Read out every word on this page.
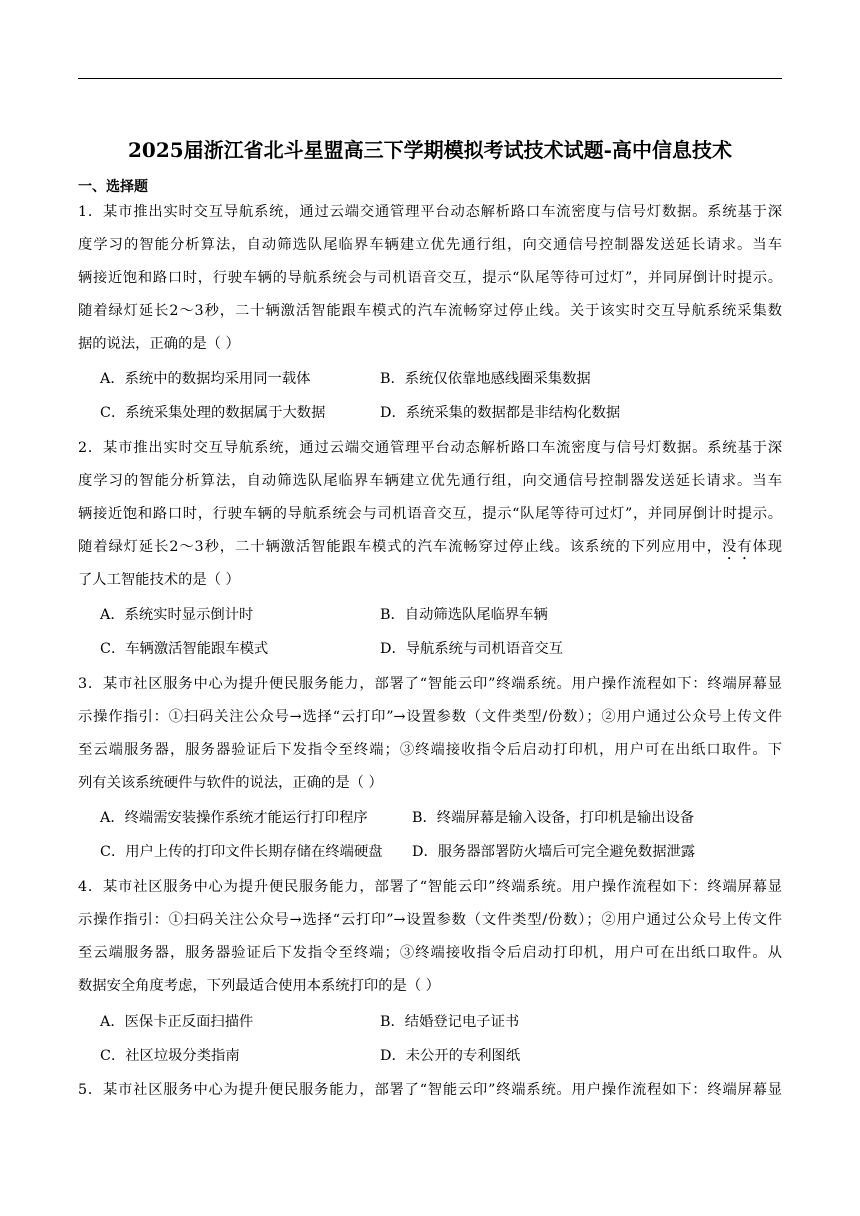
2025届浙江省北斗星盟高三下学期模拟考试技术试题-高中信息技术
一、选择题
1．某市推出实时交互导航系统，通过云端交通管理平台动态解析路口车流密度与信号灯数据。系统基于深
度学习的智能分析算法，自动筛选队尾临界车辆建立优先通行组，向交通信号控制器发送延长请求。当车
辆接近饱和路口时，行驶车辆的导航系统会与司机语音交互，提示“队尾等待可过灯”，并同屏倒计时提示。
随着绿灯延长2～3秒，二十辆激活智能跟车模式的汽车流畅穿过停止线。关于该实时交互导航系统采集数
据的说法，正确的是（ ）
A．系统中的数据均采用同一载体	B．系统仅依靠地感线圈采集数据
C．系统采集处理的数据属于大数据	D．系统采集的数据都是非结构化数据
2．某市推出实时交互导航系统，通过云端交通管理平台动态解析路口车流密度与信号灯数据。系统基于深
度学习的智能分析算法，自动筛选队尾临界车辆建立优先通行组，向交通信号控制器发送延长请求。当车
辆接近饱和路口时，行驶车辆的导航系统会与司机语音交互，提示“队尾等待可过灯”，并同屏倒计时提示。
随着绿灯延长2～3秒，二十辆激活智能跟车模式的汽车流畅穿过停止线。该系统的下列应用中，没有体现
了人工智能技术的是（ ）
A．系统实时显示倒计时	B．自动筛选队尾临界车辆
C．车辆激活智能跟车模式	D．导航系统与司机语音交互
3．某市社区服务中心为提升便民服务能力，部署了“智能云印”终端系统。用户操作流程如下：终端屏幕显
示操作指引：①扫码关注公众号→选择“云打印”→设置参数（文件类型/份数）；②用户通过公众号上传文件
至云端服务器，服务器验证后下发指令至终端；③终端接收指令后启动打印机，用户可在出纸口取件。下
列有关该系统硬件与软件的说法，正确的是（ ）
A．终端需安装操作系统才能运行打印程序	B．终端屏幕是输入设备，打印机是输出设备
C．用户上传的打印文件长期存储在终端硬盘 D．服务器部署防火墙后可完全避免数据泄露
4．某市社区服务中心为提升便民服务能力，部署了“智能云印”终端系统。用户操作流程如下：终端屏幕显
示操作指引：①扫码关注公众号→选择“云打印”→设置参数（文件类型/份数）；②用户通过公众号上传文件
至云端服务器，服务器验证后下发指令至终端；③终端接收指令后启动打印机，用户可在出纸口取件。从
数据安全角度考虑，下列最适合使用本系统打印的是（ ）
A．医保卡正反面扫描件	B．结婚登记电子证书
C．社区垃圾分类指南	D．未公开的专利图纸
5．某市社区服务中心为提升便民服务能力，部署了“智能云印”终端系统。用户操作流程如下：终端屏幕显
